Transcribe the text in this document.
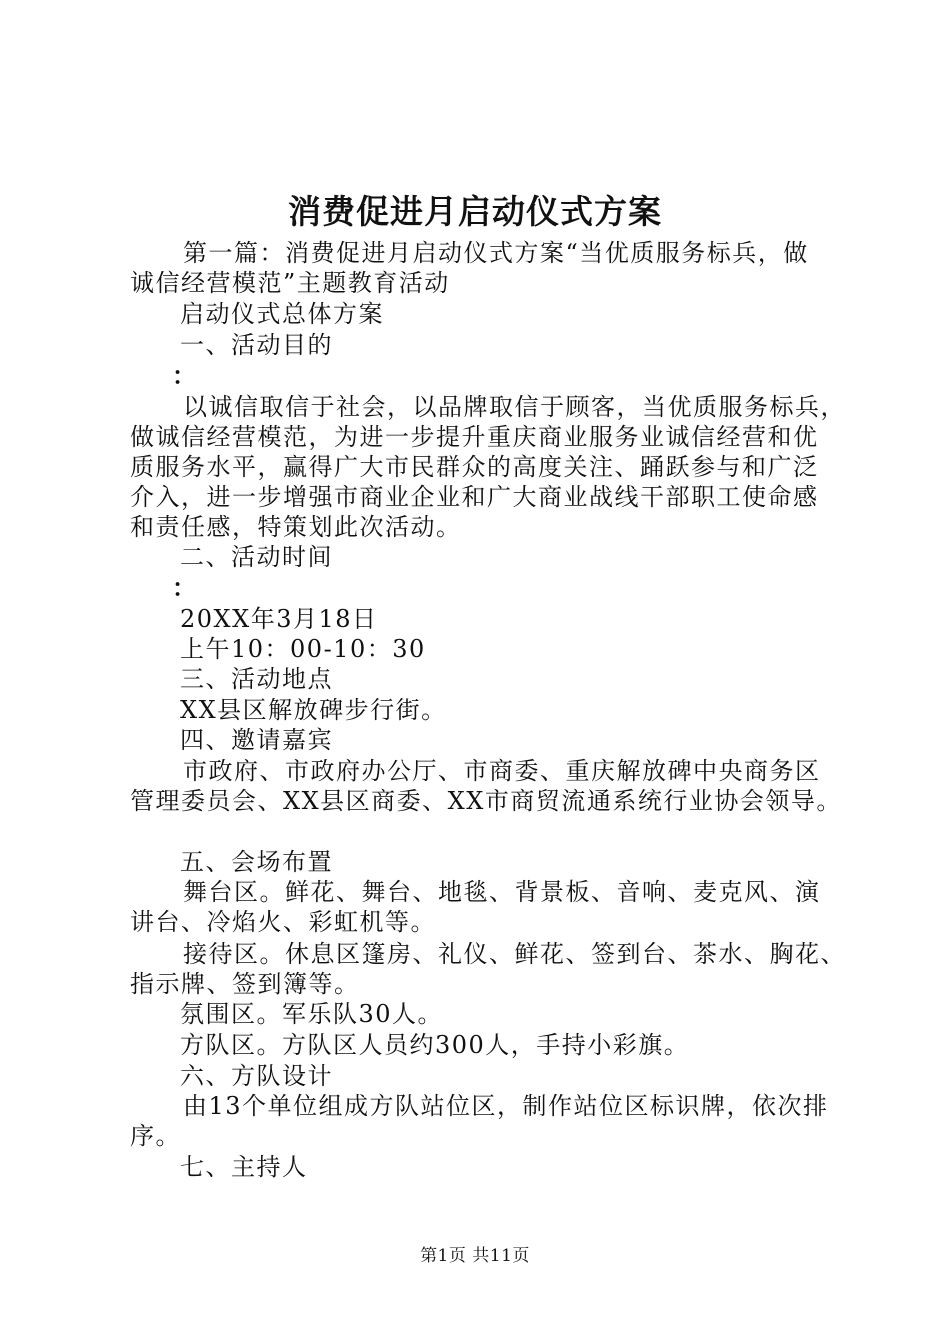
消费促进月启动仪式方案
第一篇：消费促进月启动仪式方案“当优质服务标兵，做
诚信经营模范”主题教育活动
启动仪式总体方案
一、活动目的
：
以诚信取信于社会，以品牌取信于顾客，当优质服务标兵，
做诚信经营模范，为进一步提升重庆商业服务业诚信经营和优
质服务水平，赢得广大市民群众的高度关注、踊跃参与和广泛
介入，进一步增强市商业企业和广大商业战线干部职工使命感
和责任感，特策划此次活动。
二、活动时间
：
20XX年3月18日
上午10：00-10：30
三、活动地点
XX县区解放碑步行街。
四、邀请嘉宾
市政府、市政府办公厅、市商委、重庆解放碑中央商务区
管理委员会、XX县区商委、XX市商贸流通系统行业协会领导。
五、会场布置
舞台区。鲜花、舞台、地毯、背景板、音响、麦克风、演
讲台、冷焰火、彩虹机等。
接待区。休息区篷房、礼仪、鲜花、签到台、茶水、胸花、
指示牌、签到簿等。
氛围区。军乐队30人。
方队区。方队区人员约300人，手持小彩旗。
六、方队设计
由13个单位组成方队站位区，制作站位区标识牌，依次排
序。
七、主持人
第1页 共11页
